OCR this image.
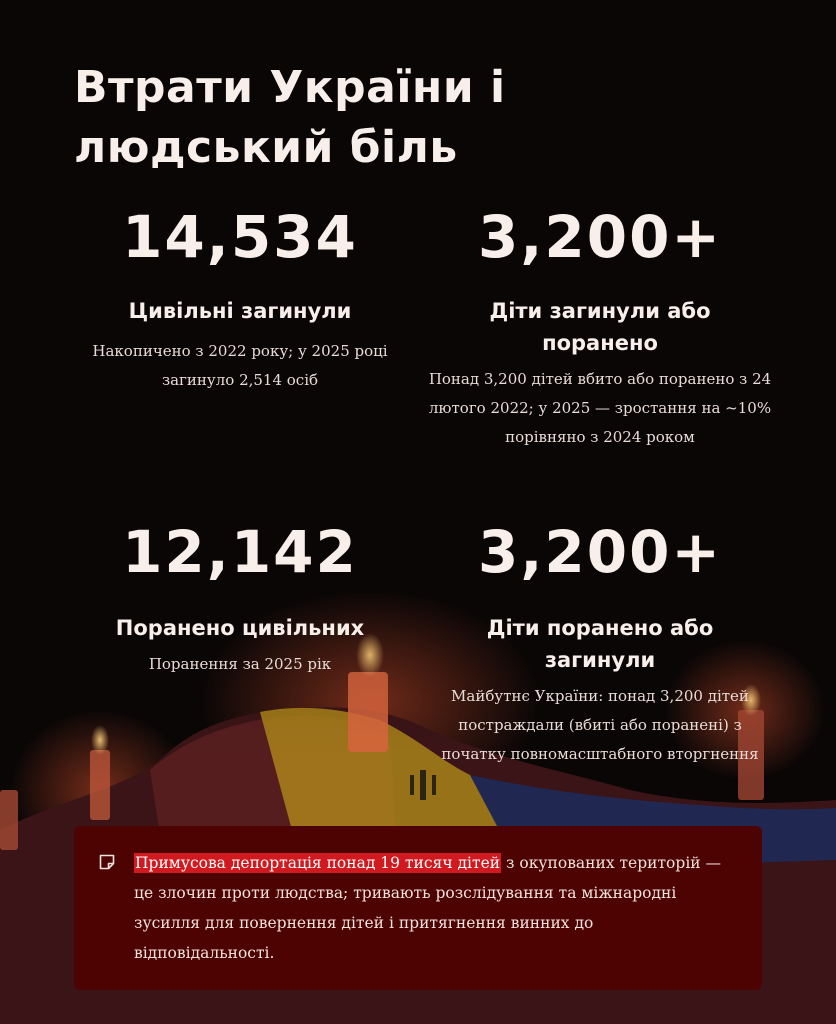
Втрати України і людський біль
14,534
Цивільні загинули
Накопичено з 2022 року; у 2025 році загинуло 2,514 осіб
3,200+
Діти загинули або поранено
Понад 3,200 дітей вбито або поранено з 24 лютого 2022; у 2025 — зростання на ~10% порівняно з 2024 роком
12,142
Поранено цивільних
Поранення за 2025 рік
3,200+
Діти поранено або загинули
Майбутнє України: понад 3,200 дітей постраждали (вбиті або поранені) з початку повномасштабного вторгнення
Примусова депортація понад 19 тисяч дітей з окупованих територій — це злочин проти людства; тривають розслідування та міжнародні зусилля для повернення дітей і притягнення винних до відповідальності.
